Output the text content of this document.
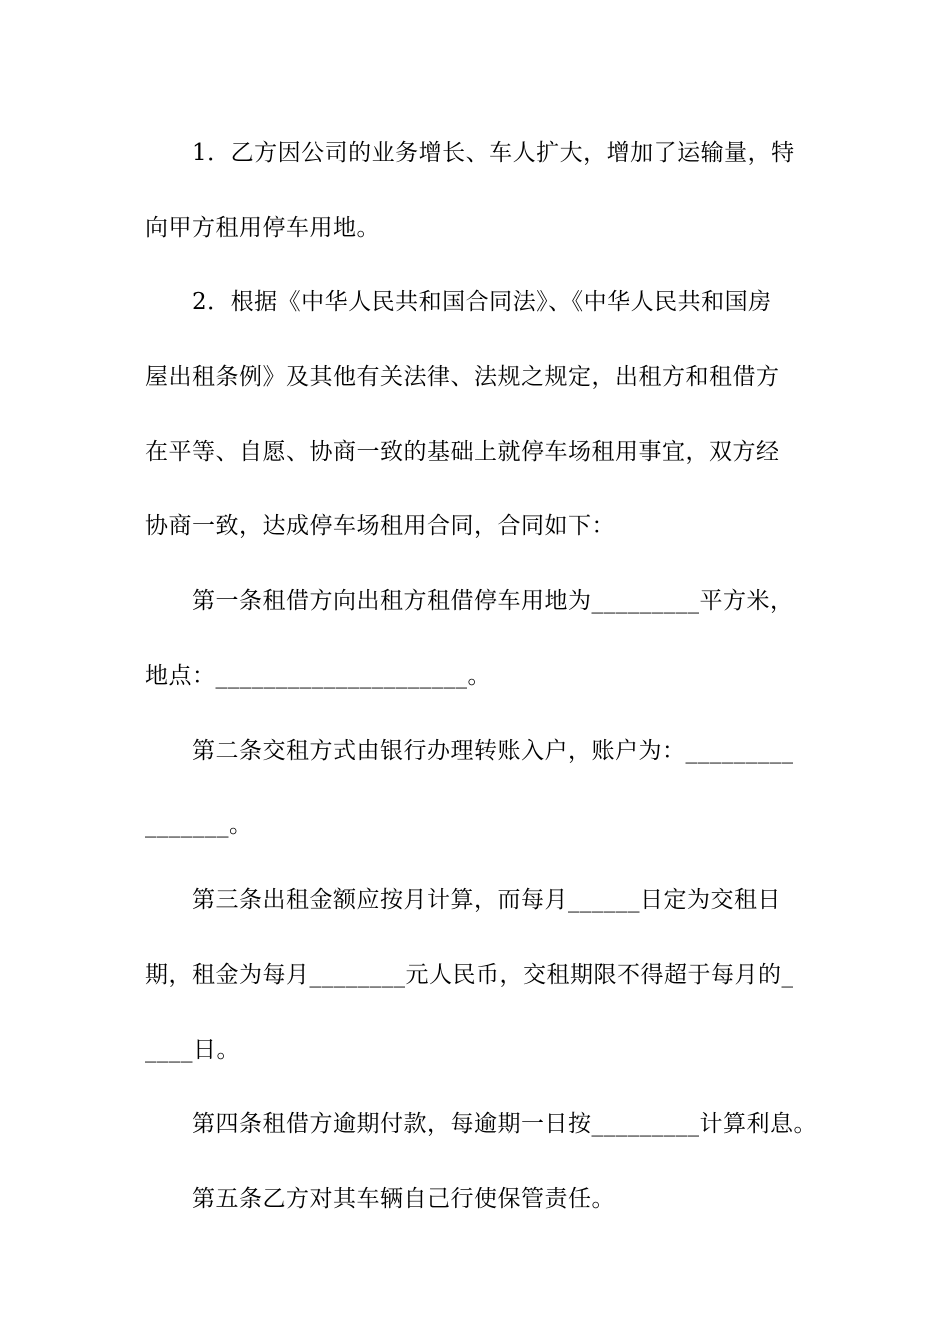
1．乙方因公司的业务增长、车人扩大，增加了运输量，特
向甲方租用停车用地。
2．根据《中华人民共和国合同法》、《中华人民共和国房
屋出租条例》及其他有关法律、法规之规定，出租方和租借方
在平等、自愿、协商一致的基础上就停车场租用事宜，双方经
协商一致，达成停车场租用合同，合同如下：
第一条租借方向出租方租借停车用地为_________平方米，
地点：_____________________。
第二条交租方式由银行办理转账入户，账户为：_________
_______。
第三条出租金额应按月计算，而每月______日定为交租日
期，租金为每月________元人民币，交租期限不得超于每月的_
____日。
第四条租借方逾期付款，每逾期一日按_________计算利息。
第五条乙方对其车辆自己行使保管责任。
